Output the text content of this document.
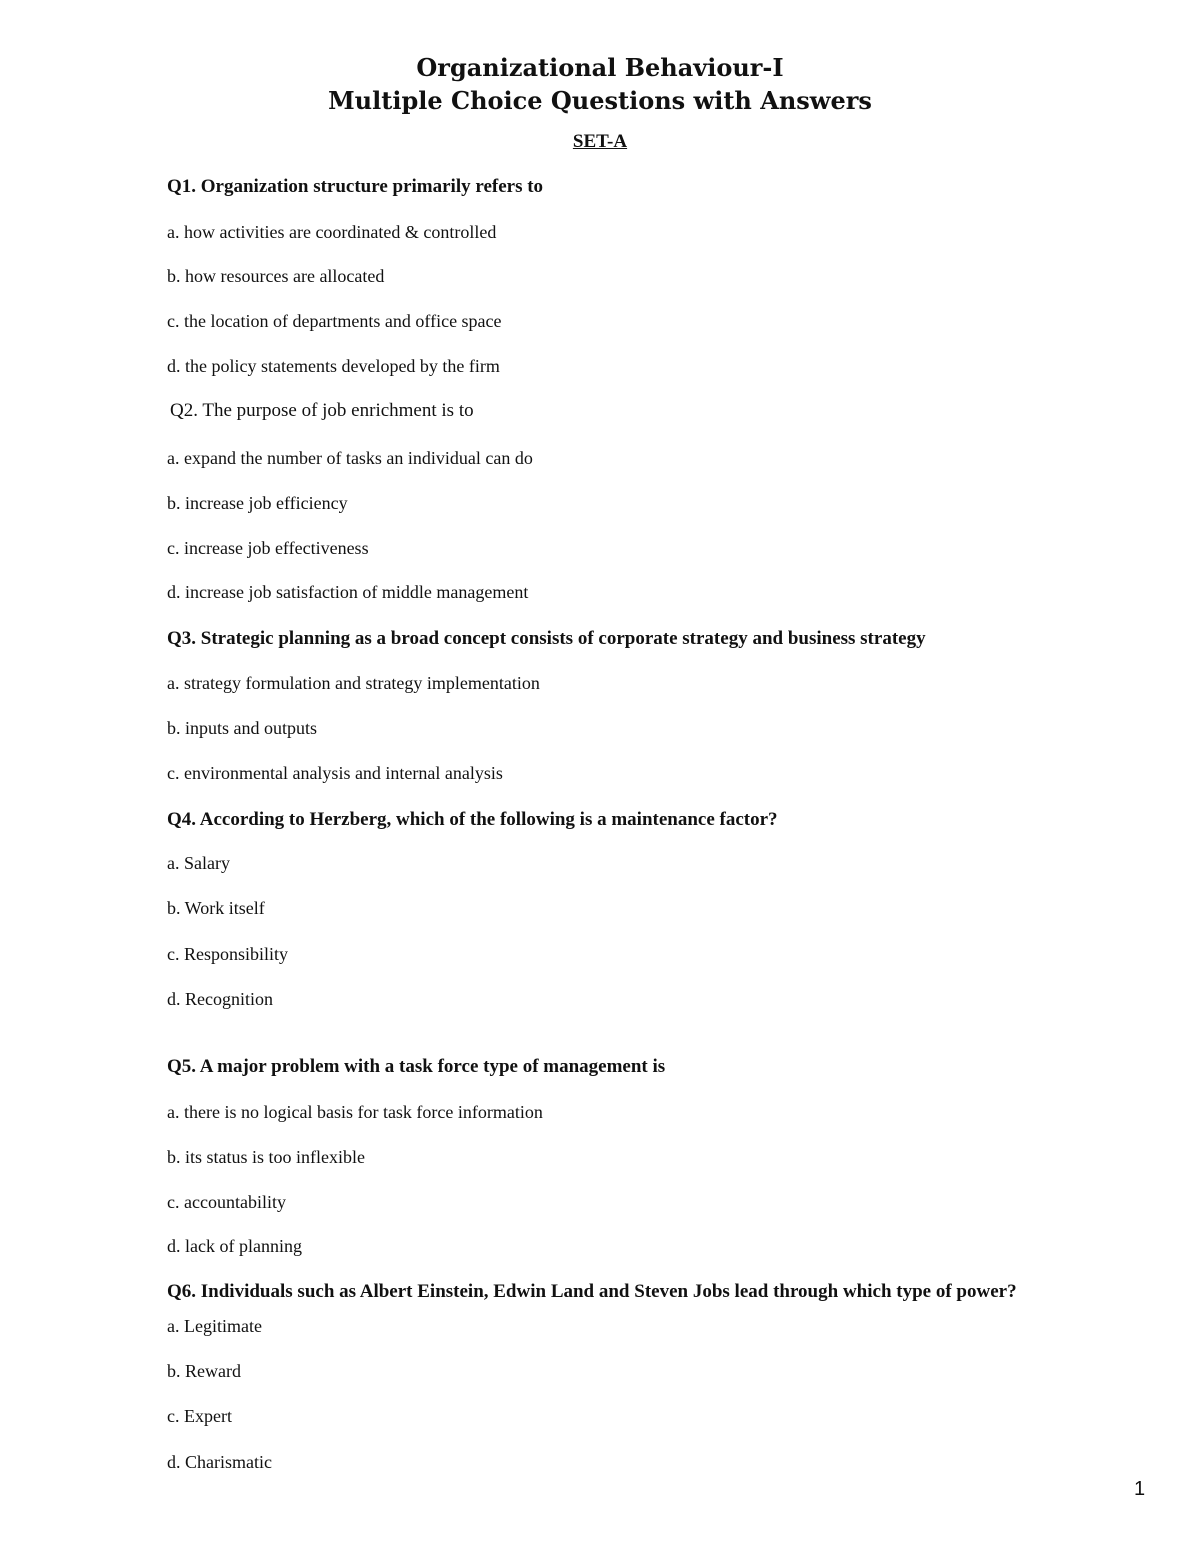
Organizational Behaviour-I
Multiple Choice Questions with Answers
SET-A
Q1. Organization structure primarily refers to
a. how activities are coordinated & controlled
b. how resources are allocated
c. the location of departments and office space
d. the policy statements developed by the firm
Q2. The purpose of job enrichment is to
a. expand the number of tasks an individual can do
b. increase job efficiency
c. increase job effectiveness
d. increase job satisfaction of middle management
Q3. Strategic planning as a broad concept consists of corporate strategy and business strategy
a. strategy formulation and strategy implementation
b. inputs and outputs
c. environmental analysis and internal analysis
Q4. According to Herzberg, which of the following is a maintenance factor?
a. Salary
b. Work itself
c. Responsibility
d. Recognition
Q5. A major problem with a task force type of management is
a. there is no logical basis for task force information
b. its status is too inflexible
c. accountability
d. lack of planning
Q6. Individuals such as Albert Einstein, Edwin Land and Steven Jobs lead through which type of power?
a. Legitimate
b. Reward
c. Expert
d. Charismatic
1
